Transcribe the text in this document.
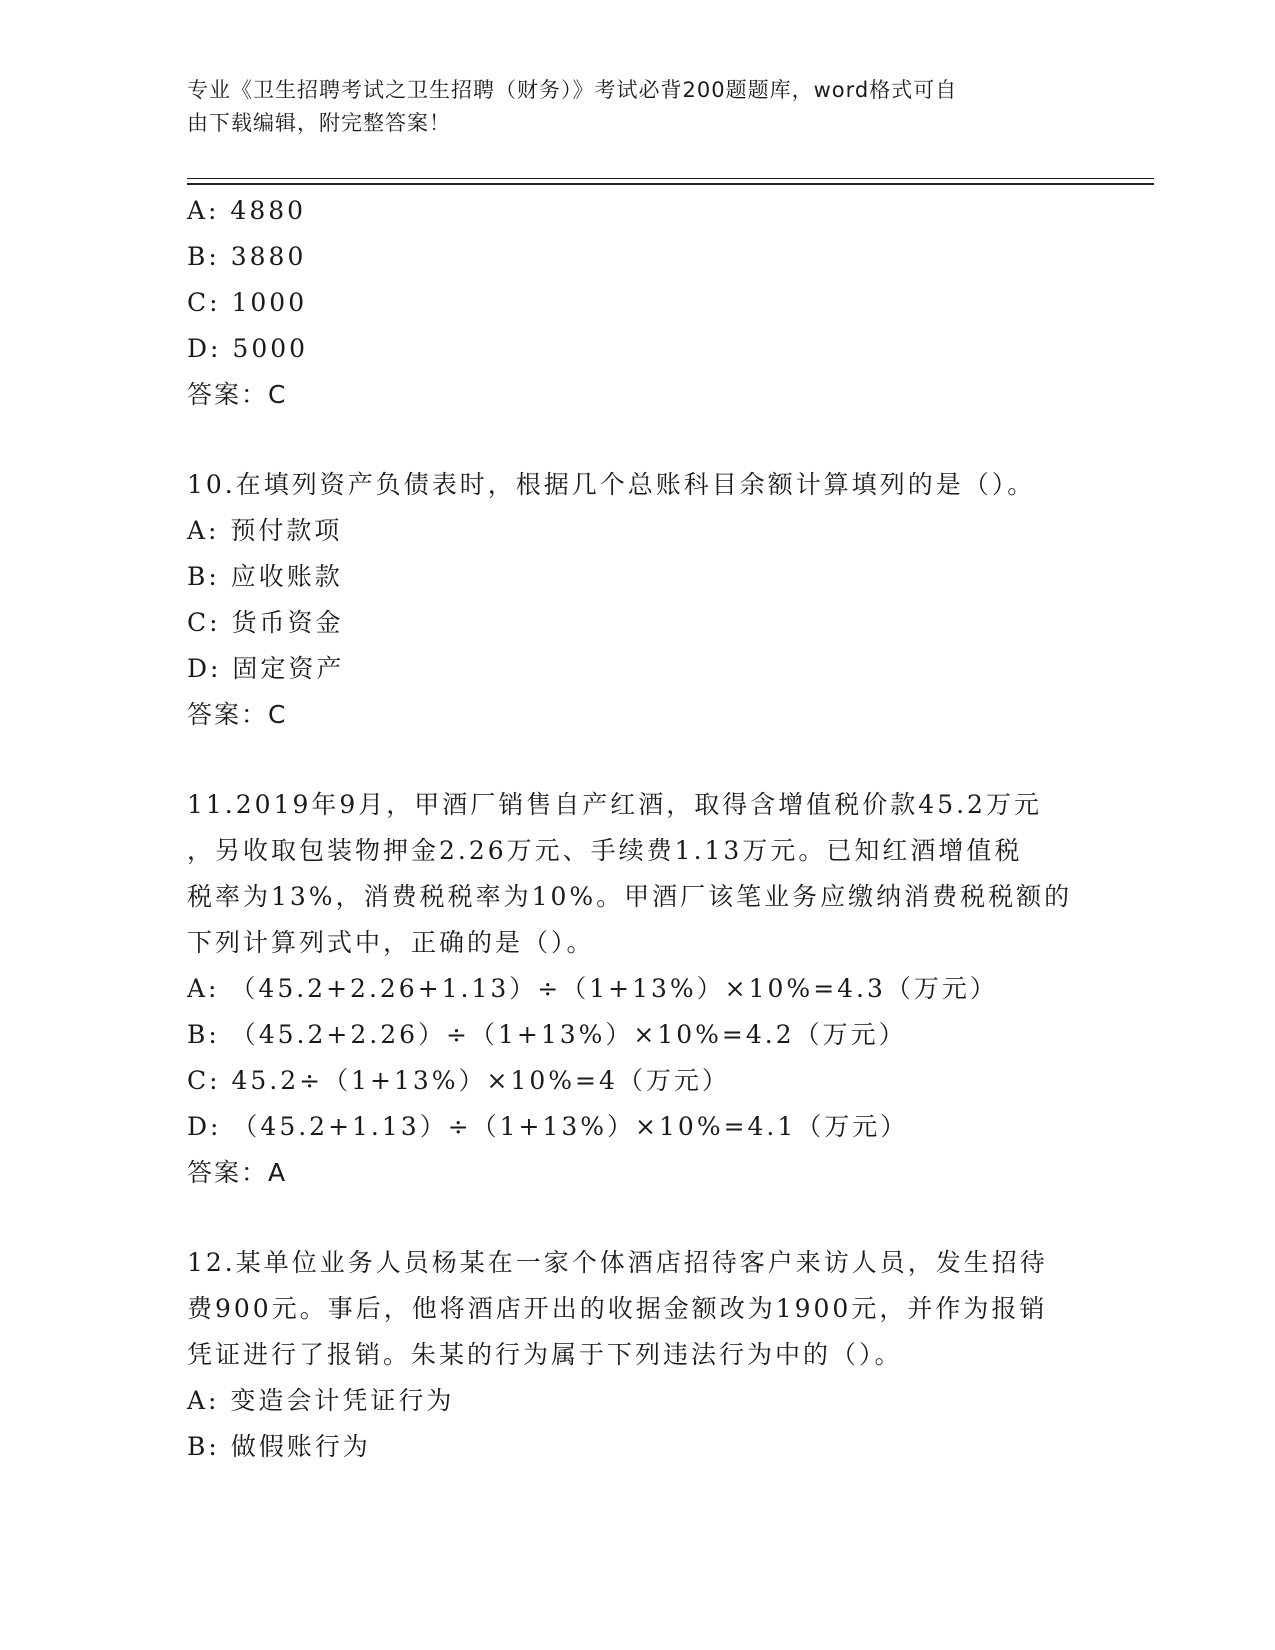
专业《卫生招聘考试之卫生招聘（财务）》考试必背200题题库，word格式可自
由下载编辑，附完整答案！
A: 4880
B: 3880
C: 1000
D: 5000
答案：C
10.在填列资产负债表时，根据几个总账科目余额计算填列的是（）。
A: 预付款项
B: 应收账款
C: 货币资金
D: 固定资产
答案：C
11.2019年9月，甲酒厂销售自产红酒，取得含增值税价款45.2万元
，另收取包装物押金2.26万元、手续费1.13万元。已知红酒增值税
税率为13%，消费税税率为10%。甲酒厂该笔业务应缴纳消费税税额的
下列计算列式中，正确的是（）。
A: （45.2+2.26+1.13）÷（1+13%）×10%=4.3（万元）
B: （45.2+2.26）÷（1+13%）×10%=4.2（万元）
C: 45.2÷（1+13%）×10%=4（万元）
D: （45.2+1.13）÷（1+13%）×10%=4.1（万元）
答案：A
12.某单位业务人员杨某在一家个体酒店招待客户来访人员，发生招待
费900元。事后，他将酒店开出的收据金额改为1900元，并作为报销
凭证进行了报销。朱某的行为属于下列违法行为中的（）。
A: 变造会计凭证行为
B: 做假账行为
